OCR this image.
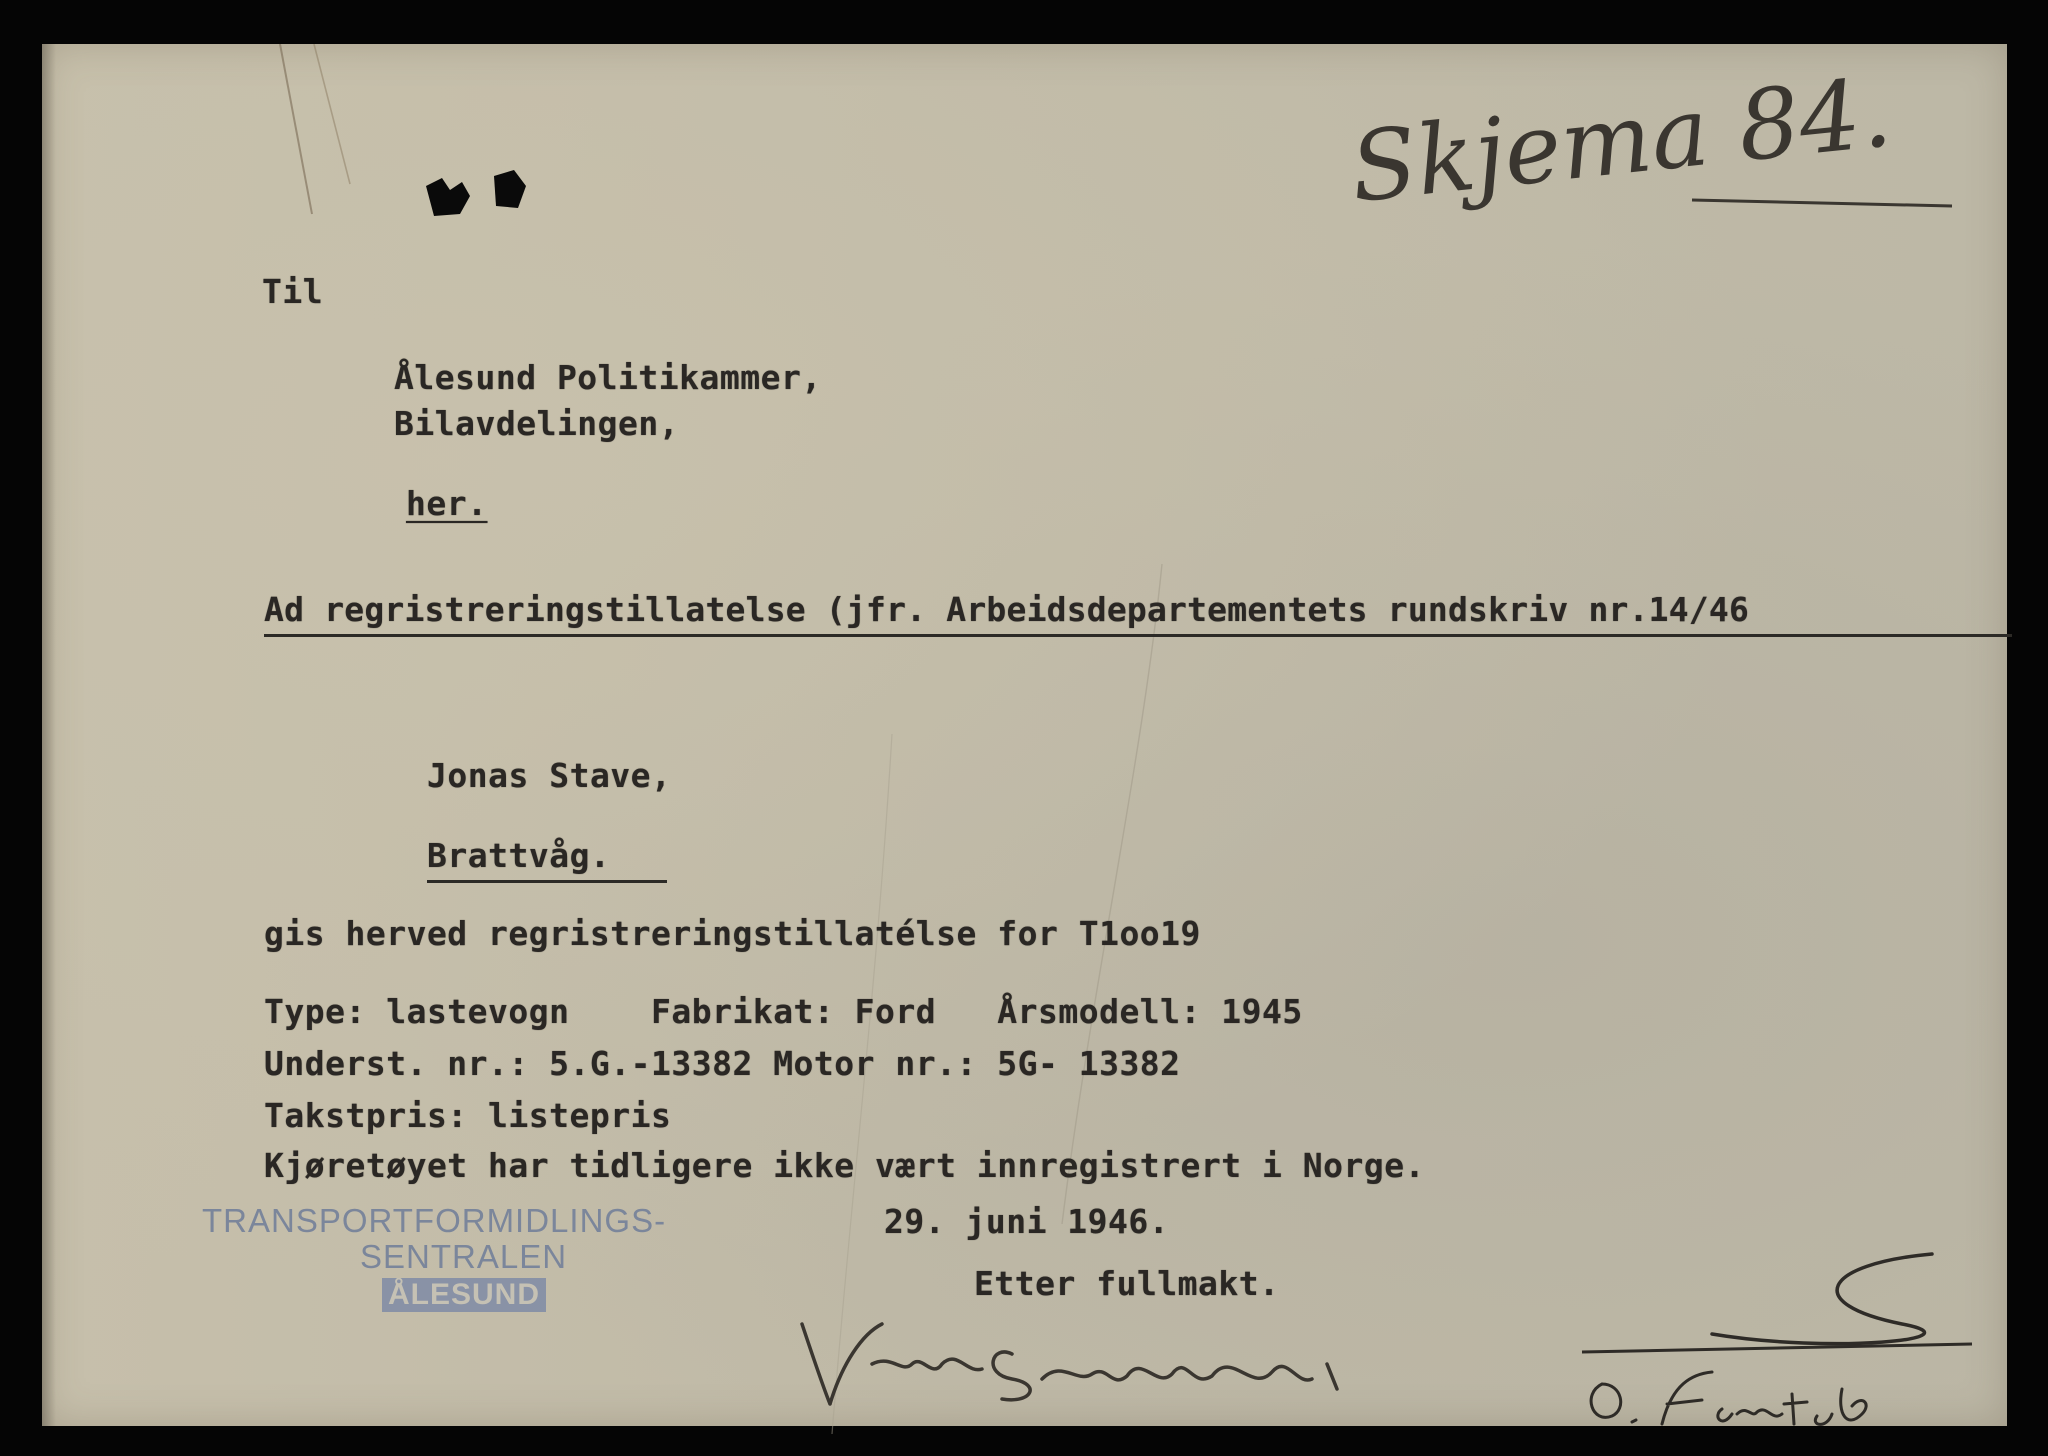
Skjema 84.
Til
Ålesund Politikammer,
Bilavdelingen,
her.
Ad regristreringstillatelse (jfr. Arbeidsdepartementets rundskriv nr.14/46
Jonas Stave,
Brattvåg.
gis herved regristreringstillatélse for T1oo19
Type: lastevogn    Fabrikat: Ford   Årsmodell: 1945
Underst. nr.: 5.G.-13382 Motor nr.: 5G- 13382
Takstpris: listepris
Kjøretøyet har tidligere ikke vært innregistrert i Norge.
29. juni 1946.
Etter fullmakt.
TRANSPORTFORMIDLINGS-
SENTRALEN
ÅLESUND
